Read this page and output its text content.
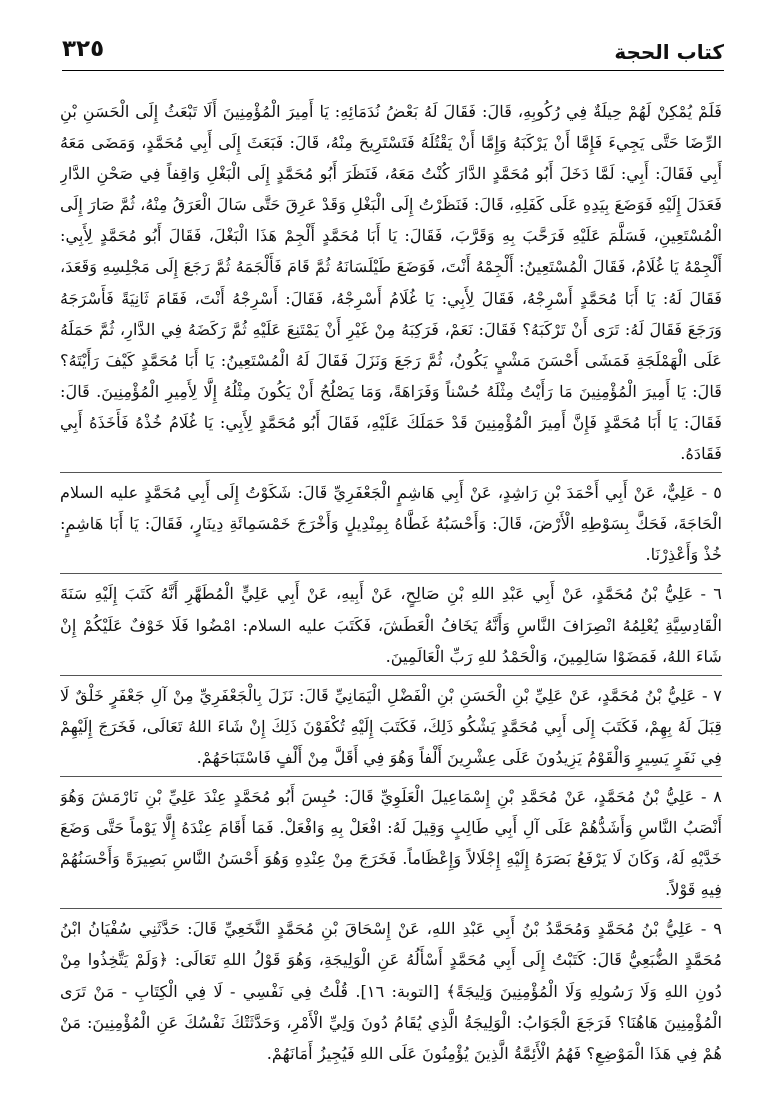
كتاب الحجة
٣٢٥

فَلَمْ يُمْكِنْ لَهُمْ حِيلَةٌ فِي رُكُوبِهِ، قَالَ: فَقَالَ لَهُ بَعْضُ نُدَمَائِهِ: يَا أَمِيرَ الْمُؤْمِنِينَ أَلَا تَبْعَثُ إِلَى الْحَسَنِ بْنِ الرِّضَا حَتَّى يَجِيءَ فَإِمَّا أَنْ يَرْكَبَهُ وَإِمَّا أَنْ يَقْتُلَهُ فَتَسْتَرِيحَ مِنْهُ، قَالَ: فَبَعَثَ إِلَى أَبِي مُحَمَّدٍ، وَمَضَى مَعَهُ أَبِي فَقَالَ: أَبِي: لَمَّا دَخَلَ أَبُو مُحَمَّدٍ الدَّارَ كُنْتُ مَعَهُ، فَنَظَرَ أَبُو مُحَمَّدٍ إِلَى الْبَغْلِ وَاقِفاً فِي صَحْنِ الدَّارِ فَعَدَلَ إِلَيْهِ فَوَضَعَ بِيَدِهِ عَلَى كَفَلِهِ، قَالَ: فَنَظَرْتُ إِلَى الْبَغْلِ وَقَدْ عَرِقَ حَتَّى سَالَ الْعَرَقُ مِنْهُ، ثُمَّ صَارَ إِلَى الْمُسْتَعِينِ، فَسَلَّمَ عَلَيْهِ فَرَحَّبَ بِهِ وَقَرَّبَ، فَقَالَ: يَا أَبَا مُحَمَّدٍ أَلْجِمْ هَذَا الْبَغْلَ، فَقَالَ أَبُو مُحَمَّدٍ لِأَبِي: أَلْجِمْهُ يَا غُلَامُ، فَقَالَ الْمُسْتَعِينُ: أَلْجِمْهُ أَنْتَ، فَوَضَعَ طَيْلَسَانَهُ ثُمَّ قَامَ فَأَلْجَمَهُ ثُمَّ رَجَعَ إِلَى مَجْلِسِهِ وَقَعَدَ، فَقَالَ لَهُ: يَا أَبَا مُحَمَّدٍ أَسْرِجْهُ، فَقَالَ لِأَبِي: يَا غُلَامُ أَسْرِجْهُ، فَقَالَ: أَسْرِجْهُ أَنْتَ، فَقَامَ ثَانِيَةً فَأَسْرَجَهُ وَرَجَعَ فَقَالَ لَهُ: تَرَى أَنْ تَرْكَبَهُ؟ فَقَالَ: نَعَمْ، فَرَكِبَهُ مِنْ غَيْرِ أَنْ يَمْتَنِعَ عَلَيْهِ ثُمَّ رَكَضَهُ فِي الدَّارِ، ثُمَّ حَمَلَهُ عَلَى الْهَمْلَجَةِ فَمَشَى أَحْسَنَ مَشْيٍ يَكُونُ، ثُمَّ رَجَعَ وَنَزَلَ فَقَالَ لَهُ الْمُسْتَعِينُ: يَا أَبَا مُحَمَّدٍ كَيْفَ رَأَيْتَهُ؟ قَالَ: يَا أَمِيرَ الْمُؤْمِنِينَ مَا رَأَيْتُ مِثْلَهُ حُسْناً وَفَرَاهَةً، وَمَا يَصْلُحُ أَنْ يَكُونَ مِثْلُهُ إِلَّا لِأَمِيرِ الْمُؤْمِنِينَ. قَالَ: فَقَالَ: يَا أَبَا مُحَمَّدٍ فَإِنَّ أَمِيرَ الْمُؤْمِنِينَ قَدْ حَمَلَكَ عَلَيْهِ، فَقَالَ أَبُو مُحَمَّدٍ لِأَبِي: يَا غُلَامُ خُذْهُ فَأَخَذَهُ أَبِي فَقَادَهُ.

٥ - عَلِيٌّ، عَنْ أَبِي أَحْمَدَ بْنِ رَاشِدٍ، عَنْ أَبِي هَاشِمٍ الْجَعْفَرِيِّ قَالَ: شَكَوْتُ إِلَى أَبِي مُحَمَّدٍ عليه السلام الْحَاجَةَ، فَحَكَّ بِسَوْطِهِ الْأَرْضَ، قَالَ: وَأَحْسَبُهُ غَطَّاهُ بِمِنْدِيلٍ وَأَخْرَجَ خَمْسَمِائَةِ دِينَارٍ، فَقَالَ: يَا أَبَا هَاشِمٍ: خُذْ وَأَعْذِرْنَا.

٦ - عَلِيُّ بْنُ مُحَمَّدٍ، عَنْ أَبِي عَبْدِ اللهِ بْنِ صَالِحٍ، عَنْ أَبِيهِ، عَنْ أَبِي عَلِيٍّ الْمُطَهَّرِ أَنَّهُ كَتَبَ إِلَيْهِ سَنَةَ الْقَادِسِيَّةِ يُعْلِمُهُ انْصِرَافَ النَّاسِ وَأَنَّهُ يَخَافُ الْعَطَشَ، فَكَتَبَ عليه السلام: امْضُوا فَلَا خَوْفٌ عَلَيْكُمْ إِنْ شَاءَ اللهُ، فَمَضَوْا سَالِمِينَ، وَالْحَمْدُ للهِ رَبِّ الْعَالَمِينَ.

٧ - عَلِيُّ بْنُ مُحَمَّدٍ، عَنْ عَلِيِّ بْنِ الْحَسَنِ بْنِ الْفَضْلِ الْيَمَانِيِّ قَالَ: نَزَلَ بِالْجَعْفَرِيِّ مِنْ آلِ جَعْفَرٍ خَلْقٌ لَا قِبَلَ لَهُ بِهِمْ، فَكَتَبَ إِلَى أَبِي مُحَمَّدٍ يَشْكُو ذَلِكَ، فَكَتَبَ إِلَيْهِ تُكْفَوْنَ ذَلِكَ إِنْ شَاءَ اللهُ تَعَالَى، فَخَرَجَ إِلَيْهِمْ فِي نَفَرٍ يَسِيرٍ وَالْقَوْمُ يَزِيدُونَ عَلَى عِشْرِينَ أَلْفاً وَهُوَ فِي أَقَلَّ مِنْ أَلْفٍ فَاسْتَبَاحَهُمْ.

٨ - عَلِيُّ بْنُ مُحَمَّدٍ، عَنْ مُحَمَّدِ بْنِ إِسْمَاعِيلَ الْعَلَوِيِّ قَالَ: حُبِسَ أَبُو مُحَمَّدٍ عِنْدَ عَلِيِّ بْنِ نَارْمَشَ وَهُوَ أَنْصَبُ النَّاسِ وَأَشَدُّهُمْ عَلَى آلِ أَبِي طَالِبٍ وَقِيلَ لَهُ: افْعَلْ بِهِ وَافْعَلْ. فَمَا أَقَامَ عِنْدَهُ إِلَّا يَوْماً حَتَّى وَضَعَ خَدَّيْهِ لَهُ، وَكَانَ لَا يَرْفَعُ بَصَرَهُ إِلَيْهِ إِجْلَالاً وَإِعْظَاماً. فَخَرَجَ مِنْ عِنْدِهِ وَهُوَ أَحْسَنُ النَّاسِ بَصِيرَةً وَأَحْسَنُهُمْ فِيهِ قَوْلاً.

٩ - عَلِيُّ بْنُ مُحَمَّدٍ وَمُحَمَّدُ بْنُ أَبِي عَبْدِ اللهِ، عَنْ إِسْحَاقَ بْنِ مُحَمَّدٍ النَّخَعِيِّ قَالَ: حَدَّثَنِي سُفْيَانُ ابْنُ مُحَمَّدٍ الضُّبَعِيُّ قَالَ: كَتَبْتُ إِلَى أَبِي مُحَمَّدٍ أَسْأَلُهُ عَنِ الْوَلِيجَةِ، وَهُوَ قَوْلُ اللهِ تَعَالَى: ﴿وَلَمْ يَتَّخِذُوا مِنْ دُونِ اللهِ وَلَا رَسُولِهِ وَلَا الْمُؤْمِنِينَ وَلِيجَةً﴾ [التوبة: ١٦]. قُلْتُ فِي نَفْسِي - لَا فِي الْكِتَابِ - مَنْ تَرَى الْمُؤْمِنِينَ هَاهُنَا؟ فَرَجَعَ الْجَوَابُ: الْوَلِيجَةُ الَّذِي يُقَامُ دُونَ وَلِيِّ الْأَمْرِ، وَحَدَّثَتْكَ نَفْسُكَ عَنِ الْمُؤْمِنِينَ: مَنْ هُمْ فِي هَذَا الْمَوْضِعِ؟ فَهُمُ الْأَئِمَّةُ الَّذِينَ يُؤْمِنُونَ عَلَى اللهِ فَيُجِيزُ أَمَانَهُمْ.
